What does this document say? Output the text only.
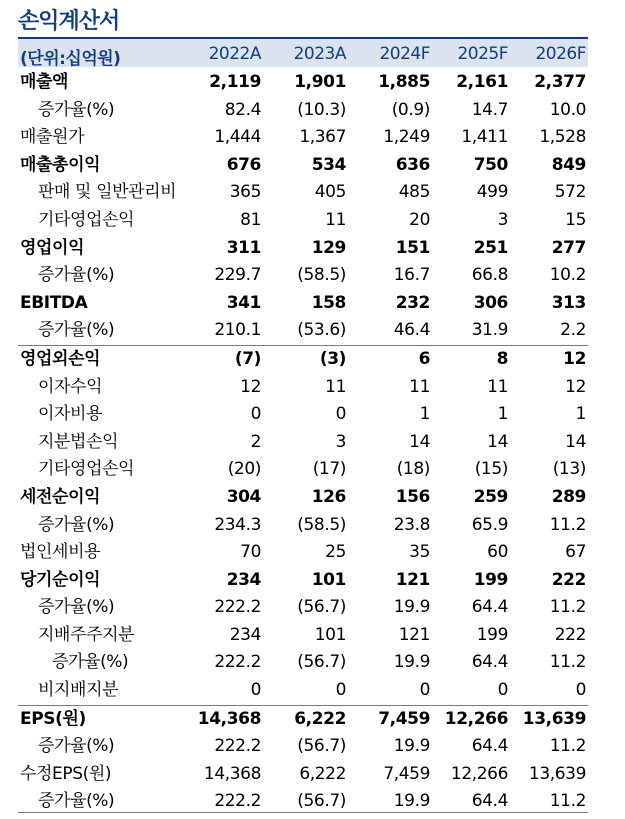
손익계산서
(단위:십억원)	2022A	2023A	2024F	2025F	2026F
매출액	2,119	1,901	1,885	2,161	2,377
증가율(%)	82.4	(10.3)	(0.9)	14.7	10.0
매출원가	1,444	1,367	1,249	1,411	1,528
매출총이익	676	534	636	750	849
판매 및 일반관리비	365	405	485	499	572
기타영업손익	81	11	20	3	15
영업이익	311	129	151	251	277
증가율(%)	229.7	(58.5)	16.7	66.8	10.2
EBITDA	341	158	232	306	313
증가율(%)	210.1	(53.6)	46.4	31.9	2.2
영업외손익	(7)	(3)	6	8	12
이자수익	12	11	11	11	12
이자비용	0	0	1	1	1
지분법손익	2	3	14	14	14
기타영업손익	(20)	(17)	(18)	(15)	(13)
세전순이익	304	126	156	259	289
증가율(%)	234.3	(58.5)	23.8	65.9	11.2
법인세비용	70	25	35	60	67
당기순이익	234	101	121	199	222
증가율(%)	222.2	(56.7)	19.9	64.4	11.2
지배주주지분	234	101	121	199	222
증가율(%)	222.2	(56.7)	19.9	64.4	11.2
비지배지분	0	0	0	0	0
EPS(원)	14,368	6,222	7,459 12,266 13,639
증가율(%)	222.2	(56.7)	19.9	64.4	11.2
수정EPS(원)	14,368	6,222	7,459	12,266	13,639
증가율(%)	222.2	(56.7)	19.9	64.4	11.2
